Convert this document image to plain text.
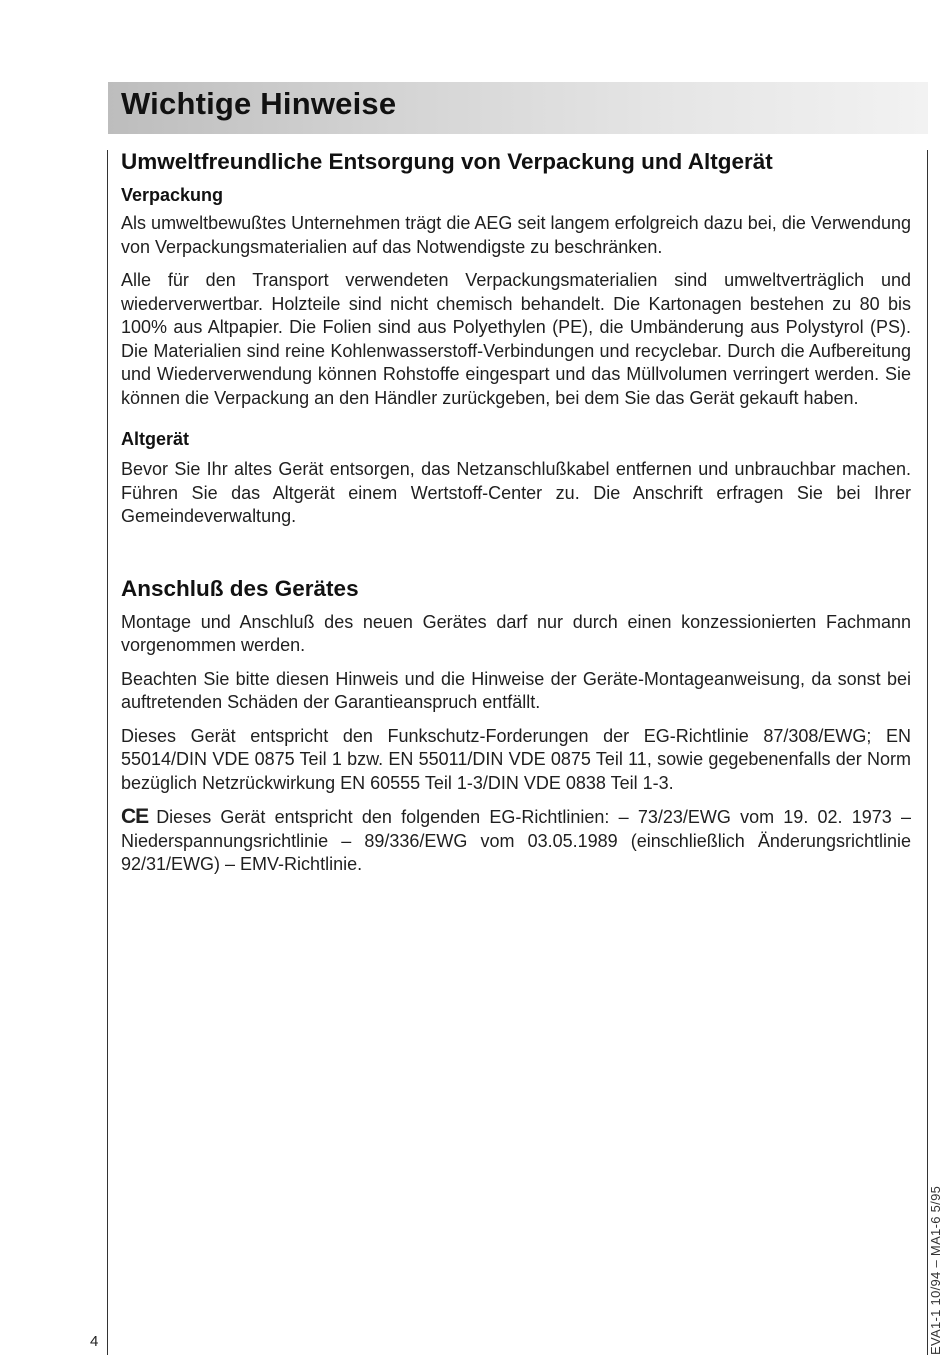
Wichtige Hinweise
Umweltfreundliche Entsorgung von Verpackung und Altgerät
Verpackung

Als umweltbewußtes Unternehmen trägt die AEG seit langem erfolgreich dazu bei, die Verwendung von Verpackungsmaterialien auf das Notwendigste zu beschränken.

Alle für den Transport verwendeten Verpackungsmaterialien sind umweltverträglich und wiederverwertbar. Holzteile sind nicht chemisch behandelt. Die Kartonagen bestehen zu 80 bis 100% aus Altpapier. Die Folien sind aus Polyethylen (PE), die Umbänderung aus Polystyrol (PS). Die Materialien sind reine Kohlenwasserstoff-Verbindungen und recyclebar. Durch die Aufbereitung und Wiederverwendung können Rohstoffe eingespart und das Müllvolumen verringert werden. Sie können die Verpackung an den Händler zurückgeben, bei dem Sie das Gerät gekauft haben.

Altgerät

Bevor Sie Ihr altes Gerät entsorgen, das Netzanschlußkabel entfernen und unbrauchbar machen. Führen Sie das Altgerät einem Wertstoff-Center zu. Die Anschrift erfragen Sie bei Ihrer Gemeindeverwaltung.

Anschluß des Gerätes

Montage und Anschluß des neuen Gerätes darf nur durch einen konzessionierten Fachmann vorgenommen werden.

Beachten Sie bitte diesen Hinweis und die Hinweise der Geräte-Montageanweisung, da sonst bei auftretenden Schäden der Garantieanspruch entfällt.

Dieses Gerät entspricht den Funkschutz-Forderungen der EG-Richtlinie 87/308/EWG; EN 55014/DIN VDE 0875 Teil 1 bzw. EN 55011/DIN VDE 0875 Teil 11, sowie gegebenenfalls der Norm bezüglich Netzrückwirkung EN 60555 Teil 1-3/DIN VDE 0838 Teil 1-3.

CE Dieses Gerät entspricht den folgenden EG-Richtlinien: – 73/23/EWG vom 19. 02. 1973 – Niederspannungsrichtlinie – 89/336/EWG vom 03.05.1989 (einschließlich Änderungsrichtlinie 92/31/EWG) – EMV-Richtlinie.

4	EVA1-1 10/94 – MA1-6 5/95
